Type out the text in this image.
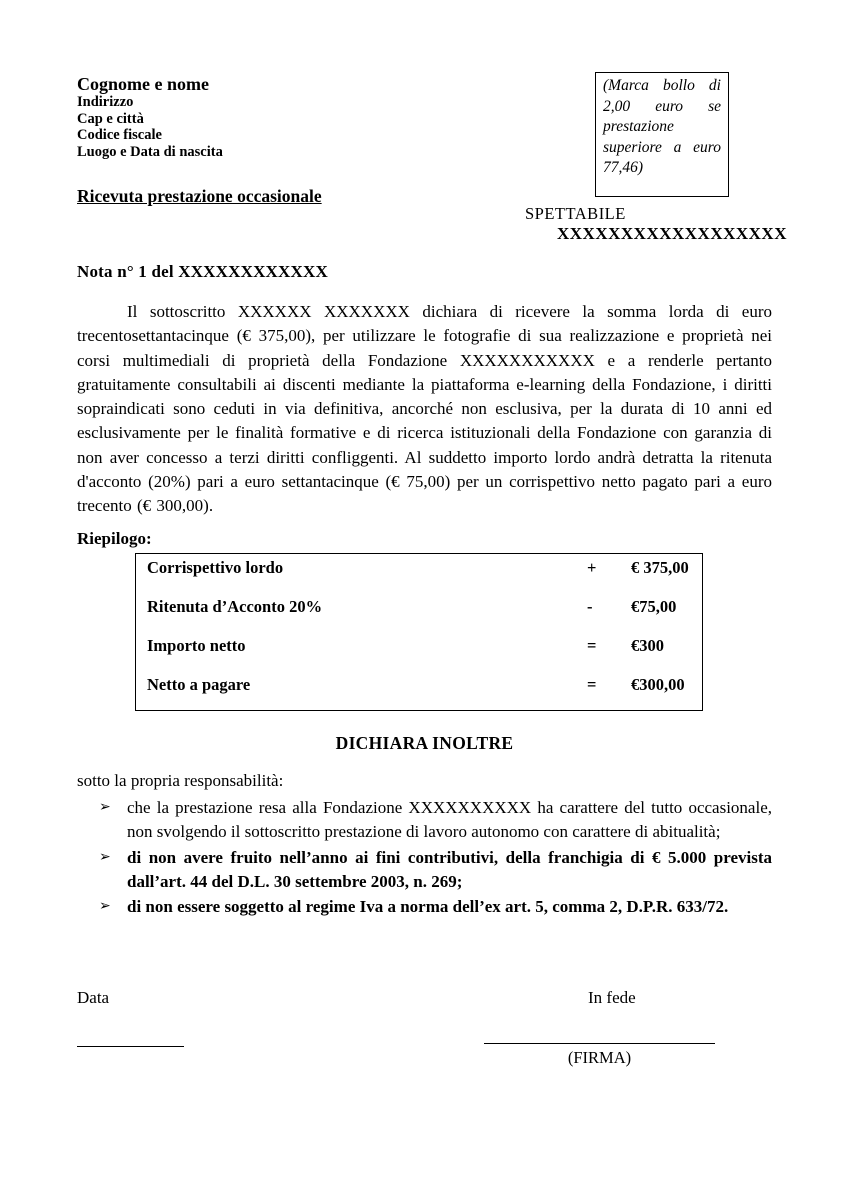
Cognome e nome
Indirizzo
Cap e città
Codice fiscale
Luogo e Data di nascita
(Marca bollo di 2,00 euro se prestazione superiore a euro 77,46)
Ricevuta prestazione occasionale
SPETTABILE
XXXXXXXXXXXXXXXXXX
Nota n° 1 del XXXXXXXXXXXX
Il sottoscritto XXXXXX XXXXXXX dichiara di ricevere la somma lorda di euro trecentosettantacinque (€ 375,00), per utilizzare le fotografie di sua realizzazione e proprietà nei corsi multimediali di proprietà della Fondazione XXXXXXXXXXX e a renderle pertanto gratuitamente consultabili ai discenti mediante la piattaforma e-learning della Fondazione, i diritti sopraindicati sono ceduti in via definitiva, ancorché non esclusiva, per la durata di 10 anni ed esclusivamente per le finalità formative e di ricerca istituzionali della Fondazione con garanzia di non aver concesso a terzi diritti confliggenti. Al suddetto importo lordo andrà detratta la ritenuta d'acconto (20%) pari a euro settantacinque (€ 75,00) per un corrispettivo netto pagato pari a euro trecento (€ 300,00).
Riepilogo:
Corrispettivo lordo	+	€ 375,00
Ritenuta d’Acconto 20%	-	€75,00
Importo netto	=	€300
Netto a pagare	=	€300,00
DICHIARA INOLTRE
sotto la propria responsabilità:
➢ che la prestazione resa alla Fondazione XXXXXXXXXX ha carattere del tutto occasionale, non svolgendo il sottoscritto prestazione di lavoro autonomo con carattere di abitualità;
➢ di non avere fruito nell’anno ai fini contributivi, della franchigia di € 5.000 prevista dall’art. 44 del D.L. 30 settembre 2003, n. 269;
➢ di non essere soggetto al regime Iva a norma dell’ex art. 5, comma 2, D.P.R. 633/72.
Data	In fede
(FIRMA)
